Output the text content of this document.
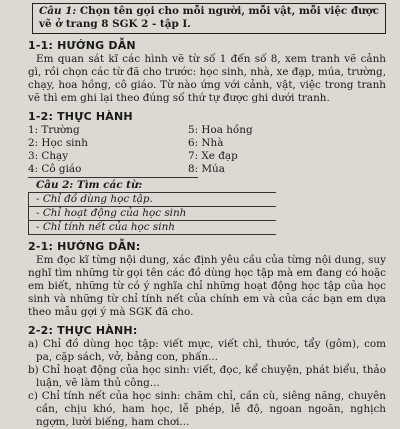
Câu 1: Chọn tên gọi cho mỗi người, mỗi vật, mỗi việc được vẽ ở trang 8 SGK 2 - tập I.
1-1: HƯỚNG DẪN
Em quan sát kĩ các hình vẽ từ số 1 đến số 8, xem tranh vẽ cảnh gì, rồi chọn các từ đã cho trước: học sinh, nhà, xe đạp, múa, trường, chạy, hoa hồng, cô giáo. Từ nào ứng với cảnh, vật, việc trong tranh vẽ thì em ghi lại theo đúng số thứ tự được ghi dưới tranh.
1-2: THỰC HÀNH
1: Trường	5: Hoa hồng
2: Học sinh	6: Nhà
3: Chạy	7: Xe đạp
4: Cô giáo	8: Múa
Câu 2: Tìm các từ:
- Chỉ đồ dùng học tập.
- Chỉ hoạt động của học sinh
- Chỉ tính nết của học sinh
2-1: HƯỚNG DẪN:
Em đọc kĩ từng nội dung, xác định yêu cầu của từng nội dung, suy nghĩ tìm những từ gọi tên các đồ dùng học tập mà em đang có hoặc em biết, những từ có ý nghĩa chỉ những hoạt động học tập của học sinh và những từ chỉ tính nết của chính em và của các bạn em dựa theo mẫu gợi ý mà SGK đã cho.
2-2: THỰC HÀNH:
a) Chỉ đồ dùng học tập: viết mực, viết chì, thước, tẩy (gôm), com pa, cặp sách, vở, bảng con, phấn...
b) Chỉ hoạt động của học sinh: viết, đọc, kể chuyện, phát biểu, thảo luận, vẽ làm thủ công...
c) Chỉ tính nết của học sinh: chăm chỉ, cần cù, siêng năng, chuyên cần, chịu khó, ham học, lễ phép, lễ độ, ngoan ngoãn, nghịch ngợm, lười biếng, ham chơi...
